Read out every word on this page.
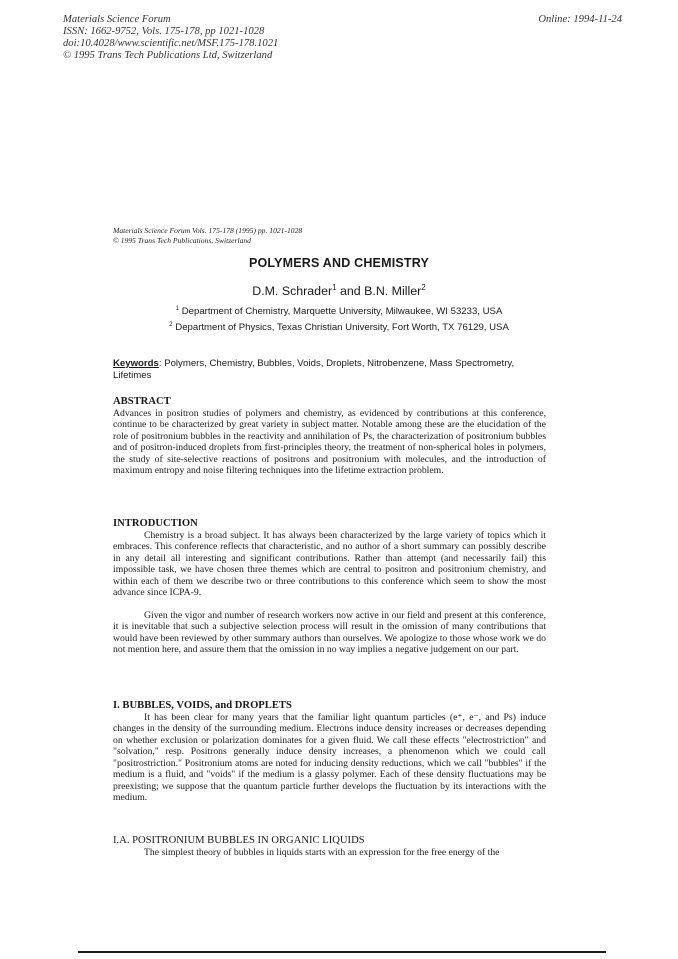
Materials Science Forum
ISSN: 1662-9752, Vols. 175-178, pp 1021-1028
doi:10.4028/www.scientific.net/MSF.175-178.1021
© 1995 Trans Tech Publications Ltd, Switzerland
Online: 1994-11-24
Materials Science Forum Vols. 175-178 (1995) pp. 1021-1028
© 1995 Trans Tech Publications, Switzerland
POLYMERS AND CHEMISTRY
D.M. Schrader$^1$ and B.N. Miller$^2$
$^1$ Department of Chemistry, Marquette University, Milwaukee, WI 53233, USA
$^2$ Department of Physics, Texas Christian University, Fort Worth, TX 76129, USA
Keywords: Polymers, Chemistry, Bubbles, Voids, Droplets, Nitrobenzene, Mass Spectrometry, Lifetimes
ABSTRACT

Advances in positron studies of polymers and chemistry, as evidenced by contributions at this conference, continue to be characterized by great variety in subject matter. Notable among these are the elucidation of the role of positronium bubbles in the reactivity and annihilation of Ps, the characterization of positronium bubbles and of positron-induced droplets from first-principles theory, the treatment of non-spherical holes in polymers, the study of site-selective reactions of positrons and positronium with molecules, and the introduction of maximum entropy and noise filtering techniques into the lifetime extraction problem.

INTRODUCTION

Chemistry is a broad subject. It has always been characterized by the large variety of topics which it embraces. This conference reflects that characteristic, and no author of a short summary can possibly describe in any detail all interesting and significant contributions. Rather than attempt (and necessarily fail) this impossible task, we have chosen three themes which are central to positron and positronium chemistry, and within each of them we describe two or three contributions to this conference which seem to show the most advance since ICPA-9.

Given the vigor and number of research workers now active in our field and present at this conference, it is inevitable that such a subjective selection process will result in the omission of many contributions that would have been reviewed by other summary authors than ourselves. We apologize to those whose work we do not mention here, and assure them that the omission in no way implies a negative judgement on our part.

I. BUBBLES, VOIDS, and DROPLETS

It has been clear for many years that the familiar light quantum particles (e⁺, e⁻, and Ps) induce changes in the density of the surrounding medium. Electrons induce density increases or decreases depending on whether exclusion or polarization dominates for a given fluid. We call these effects "electrostriction" and "solvation," resp. Positrons generally induce density increases, a phenomenon which we could call "positrostriction." Positronium atoms are noted for inducing density reductions, which we call "bubbles" if the medium is a fluid, and "voids" if the medium is a glassy polymer. Each of these density fluctuations may be preexisting; we suppose that the quantum particle further develops the fluctuation by its interactions with the medium.

I.A. POSITRONIUM BUBBLES IN ORGANIC LIQUIDS

The simplest theory of bubbles in liquids starts with an expression for the free energy of the
